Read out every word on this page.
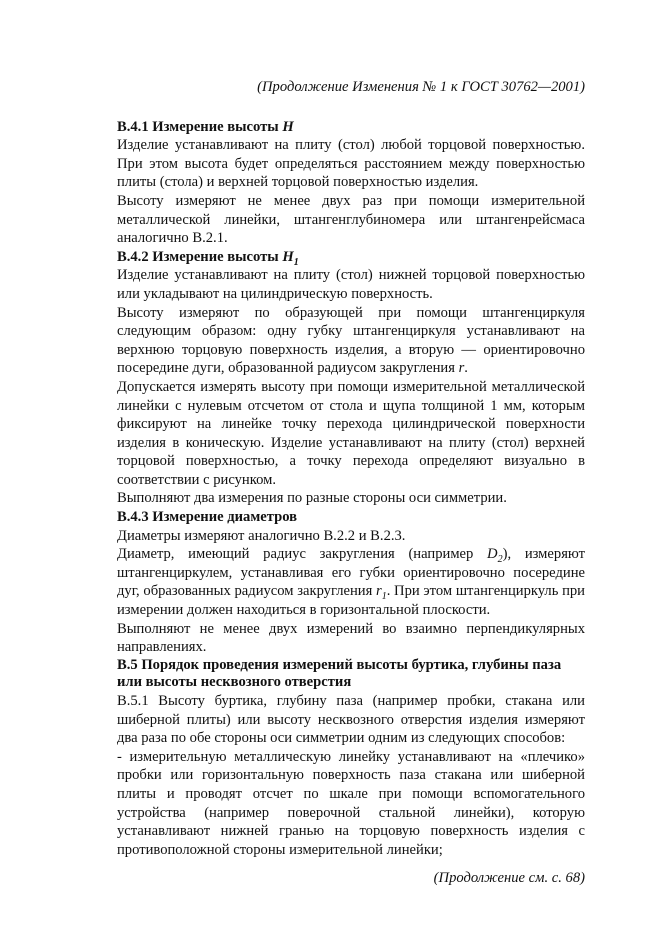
(Продолжение Изменения № 1 к ГОСТ 30762—2001)
В.4.1 Измерение высоты Н

Изделие устанавливают на плиту (стол) любой торцовой поверхностью. При этом высота будет определяться расстоянием между поверхностью плиты (стола) и верхней торцовой поверхностью изделия.

Высоту измеряют не менее двух раз при помощи измерительной металлической линейки, штангенглубиномера или штангенрейсмаса аналогично В.2.1.

В.4.2 Измерение высоты $Н_1$

Изделие устанавливают на плиту (стол) нижней торцовой поверхностью или укладывают на цилиндрическую поверхность.

Высоту измеряют по образующей при помощи штангенциркуля следующим образом: одну губку штангенциркуля устанавливают на верхнюю торцовую поверхность изделия, а вторую — ориентировочно посередине дуги, образованной радиусом закругления r.

Допускается измерять высоту при помощи измерительной металлической линейки с нулевым отсчетом от стола и щупа толщиной 1 мм, которым фиксируют на линейке точку перехода цилиндрической поверхности изделия в коническую. Изделие устанавливают на плиту (стол) верхней торцовой поверхностью, а точку перехода определяют визуально в соответствии с рисунком.

Выполняют два измерения по разные стороны оси симметрии.

В.4.3 Измерение диаметров

Диаметры измеряют аналогично В.2.2 и В.2.3.

Диаметр, имеющий радиус закругления (например $D_2$), измеряют штангенциркулем, устанавливая его губки ориентировочно посередине дуг, образованных радиусом закругления $r_1$. При этом штангенциркуль при измерении должен находиться в горизонтальной плоскости.

Выполняют не менее двух измерений во взаимно перпендикулярных направлениях.

В.5 Порядок проведения измерений высоты буртика, глубины паза или высоты несквозного отверстия

В.5.1 Высоту буртика, глубину паза (например пробки, стакана или шиберной плиты) или высоту несквозного отверстия изделия измеряют два раза по обе стороны оси симметрии одним из следующих способов:

- измерительную металлическую линейку устанавливают на «плечико» пробки или горизонтальную поверхность паза стакана или шиберной плиты и проводят отсчет по шкале при помощи вспомогательного устройства (например поверочной стальной линейки), которую устанавливают нижней гранью на торцовую поверхность изделия с противоположной стороны измерительной линейки;

(Продолжение см. с. 68)
